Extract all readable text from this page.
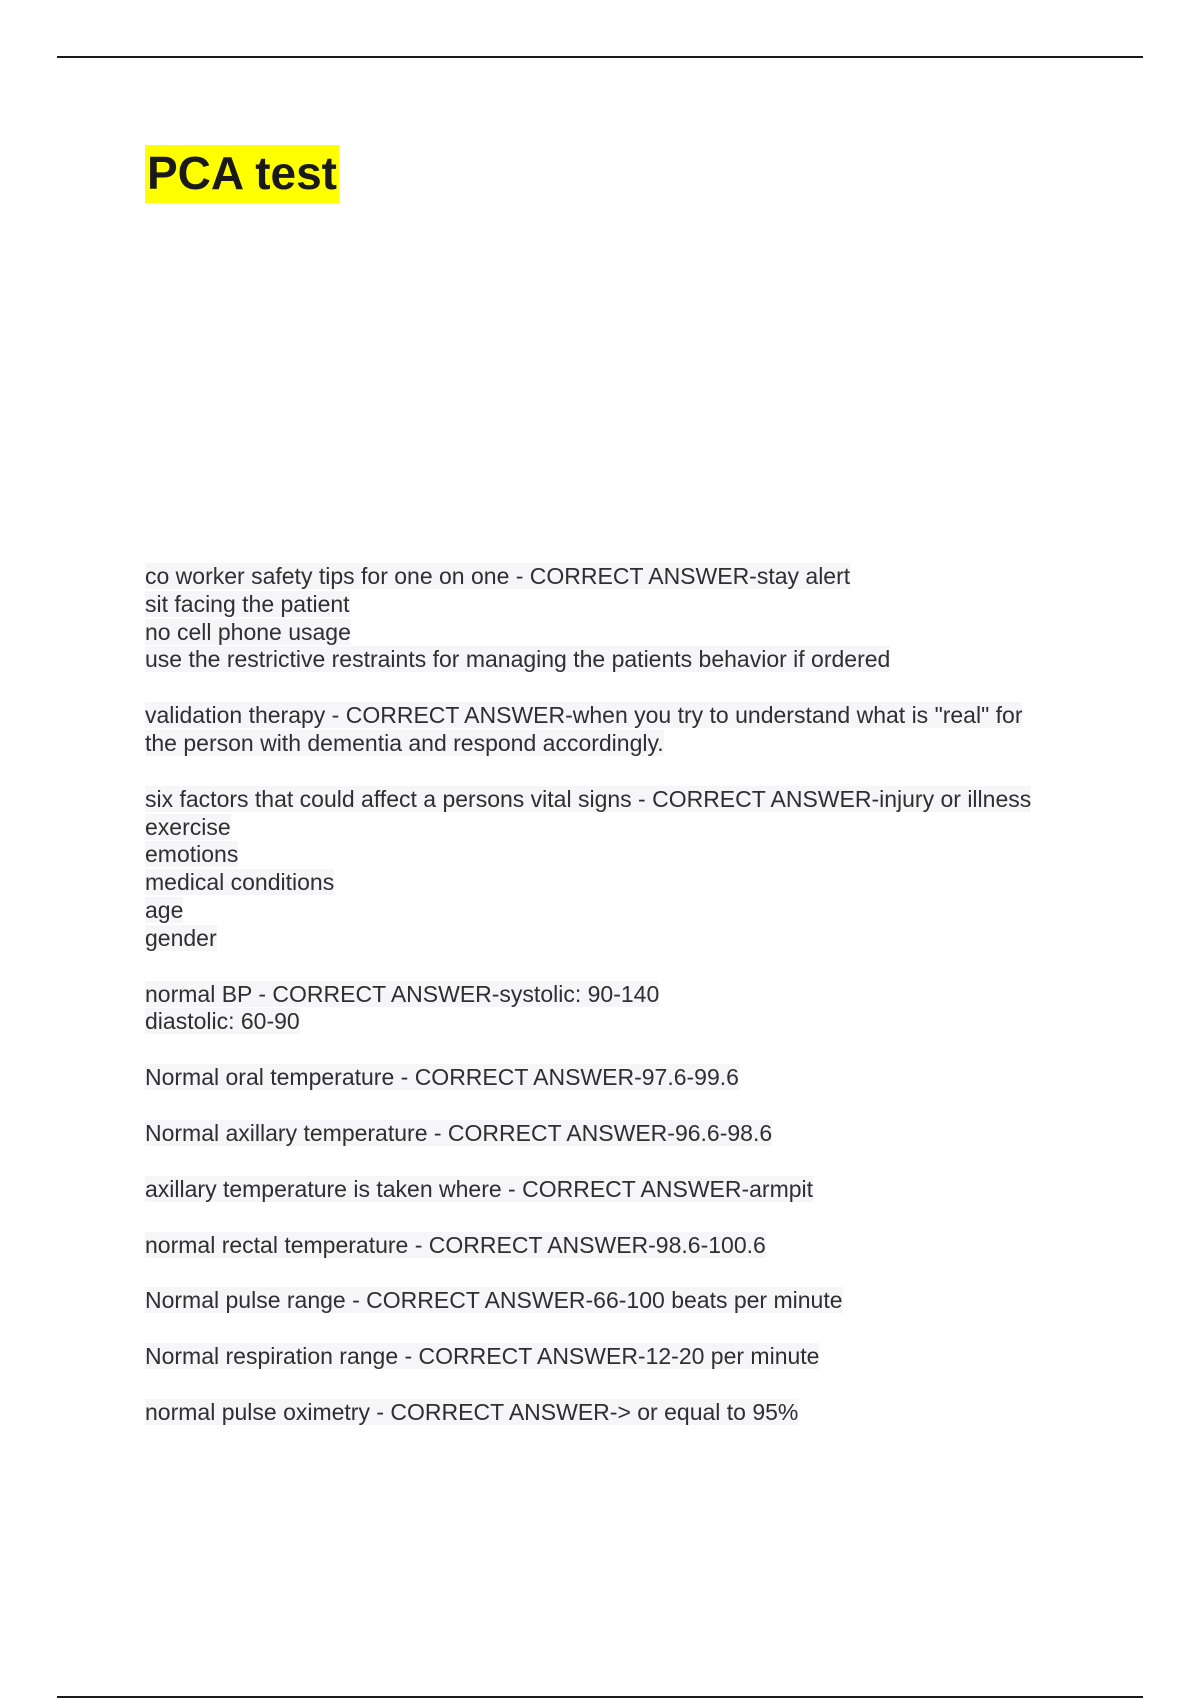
PCA test
co worker safety tips for one on one - CORRECT ANSWER-stay alert
sit facing the patient
no cell phone usage
use the restrictive restraints for managing the patients behavior if ordered
validation therapy - CORRECT ANSWER-when you try to understand what is "real" for
the person with dementia and respond accordingly.
six factors that could affect a persons vital signs - CORRECT ANSWER-injury or illness
exercise
emotions
medical conditions
age
gender
normal BP - CORRECT ANSWER-systolic: 90-140
diastolic: 60-90
Normal oral temperature - CORRECT ANSWER-97.6-99.6
Normal axillary temperature - CORRECT ANSWER-96.6-98.6
axillary temperature is taken where - CORRECT ANSWER-armpit
normal rectal temperature - CORRECT ANSWER-98.6-100.6
Normal pulse range - CORRECT ANSWER-66-100 beats per minute
Normal respiration range - CORRECT ANSWER-12-20 per minute
normal pulse oximetry - CORRECT ANSWER-> or equal to 95%
